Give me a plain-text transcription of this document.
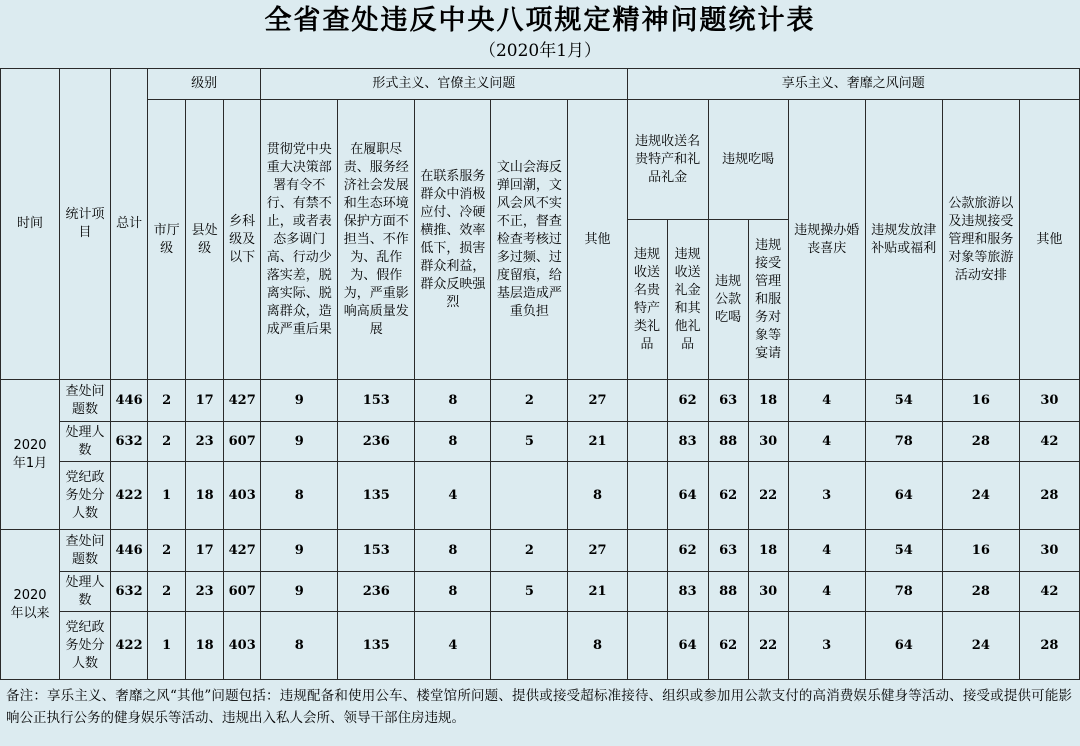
全省查处违反中央八项规定精神问题统计表
（2020年1月）
时间	统计项目	总计	级别			形式主义、官僚主义问题					享乐主义、奢靡之风问题							
			市厅级	县处级	乡科级及以下	贯彻党中央重大决策部署有令不行、有禁不止，或者表态多调门高、行动少落实差，脱离实际、脱离群众，造成严重后果	在履职尽责、服务经济社会发展和生态环境保护方面不担当、不作为、乱作为、假作为，严重影响高质量发展	在联系服务群众中消极应付、冷硬横推、效率低下，损害群众利益，群众反映强烈	文山会海反弹回潮，文风会风不实不正，督查检查考核过多过频、过度留痕，给基层造成严重负担	其他	违规收送名贵特产和礼品礼金		违规吃喝		违规操办婚丧喜庆	违规发放津补贴或福利	公款旅游以及违规接受管理和服务对象等旅游活动安排	其他
											违规收送名贵特产类礼品	违规收送礼金和其他礼品	违规公款吃喝	违规接受管理和服务对象等宴请				
2020年1月	查处问题数	446	2	17	427	9	153	8	2	27		62	63	18	4	54	16	30
	处理人数	632	2	23	607	9	236	8	5	21		83	88	30	4	78	28	42
	党纪政务处分人数	422	1	18	403	8	135	4		8		64	62	22	3	64	24	28
2020年以来	查处问题数	446	2	17	427	9	153	8	2	27		62	63	18	4	54	16	30
	处理人数	632	2	23	607	9	236	8	5	21		83	88	30	4	78	28	42
	党纪政务处分人数	422	1	18	403	8	135	4		8		64	62	22	3	64	24	28
备注：享乐主义、奢靡之风“其他”问题包括：违规配备和使用公车、楼堂馆所问题、提供或接受超标准接待、组织或参加用公款支付的高消费娱乐健身等活动、接受或提供可能影响公正执行公务的健身娱乐等活动、违规出入私人会所、领导干部住房违规。
